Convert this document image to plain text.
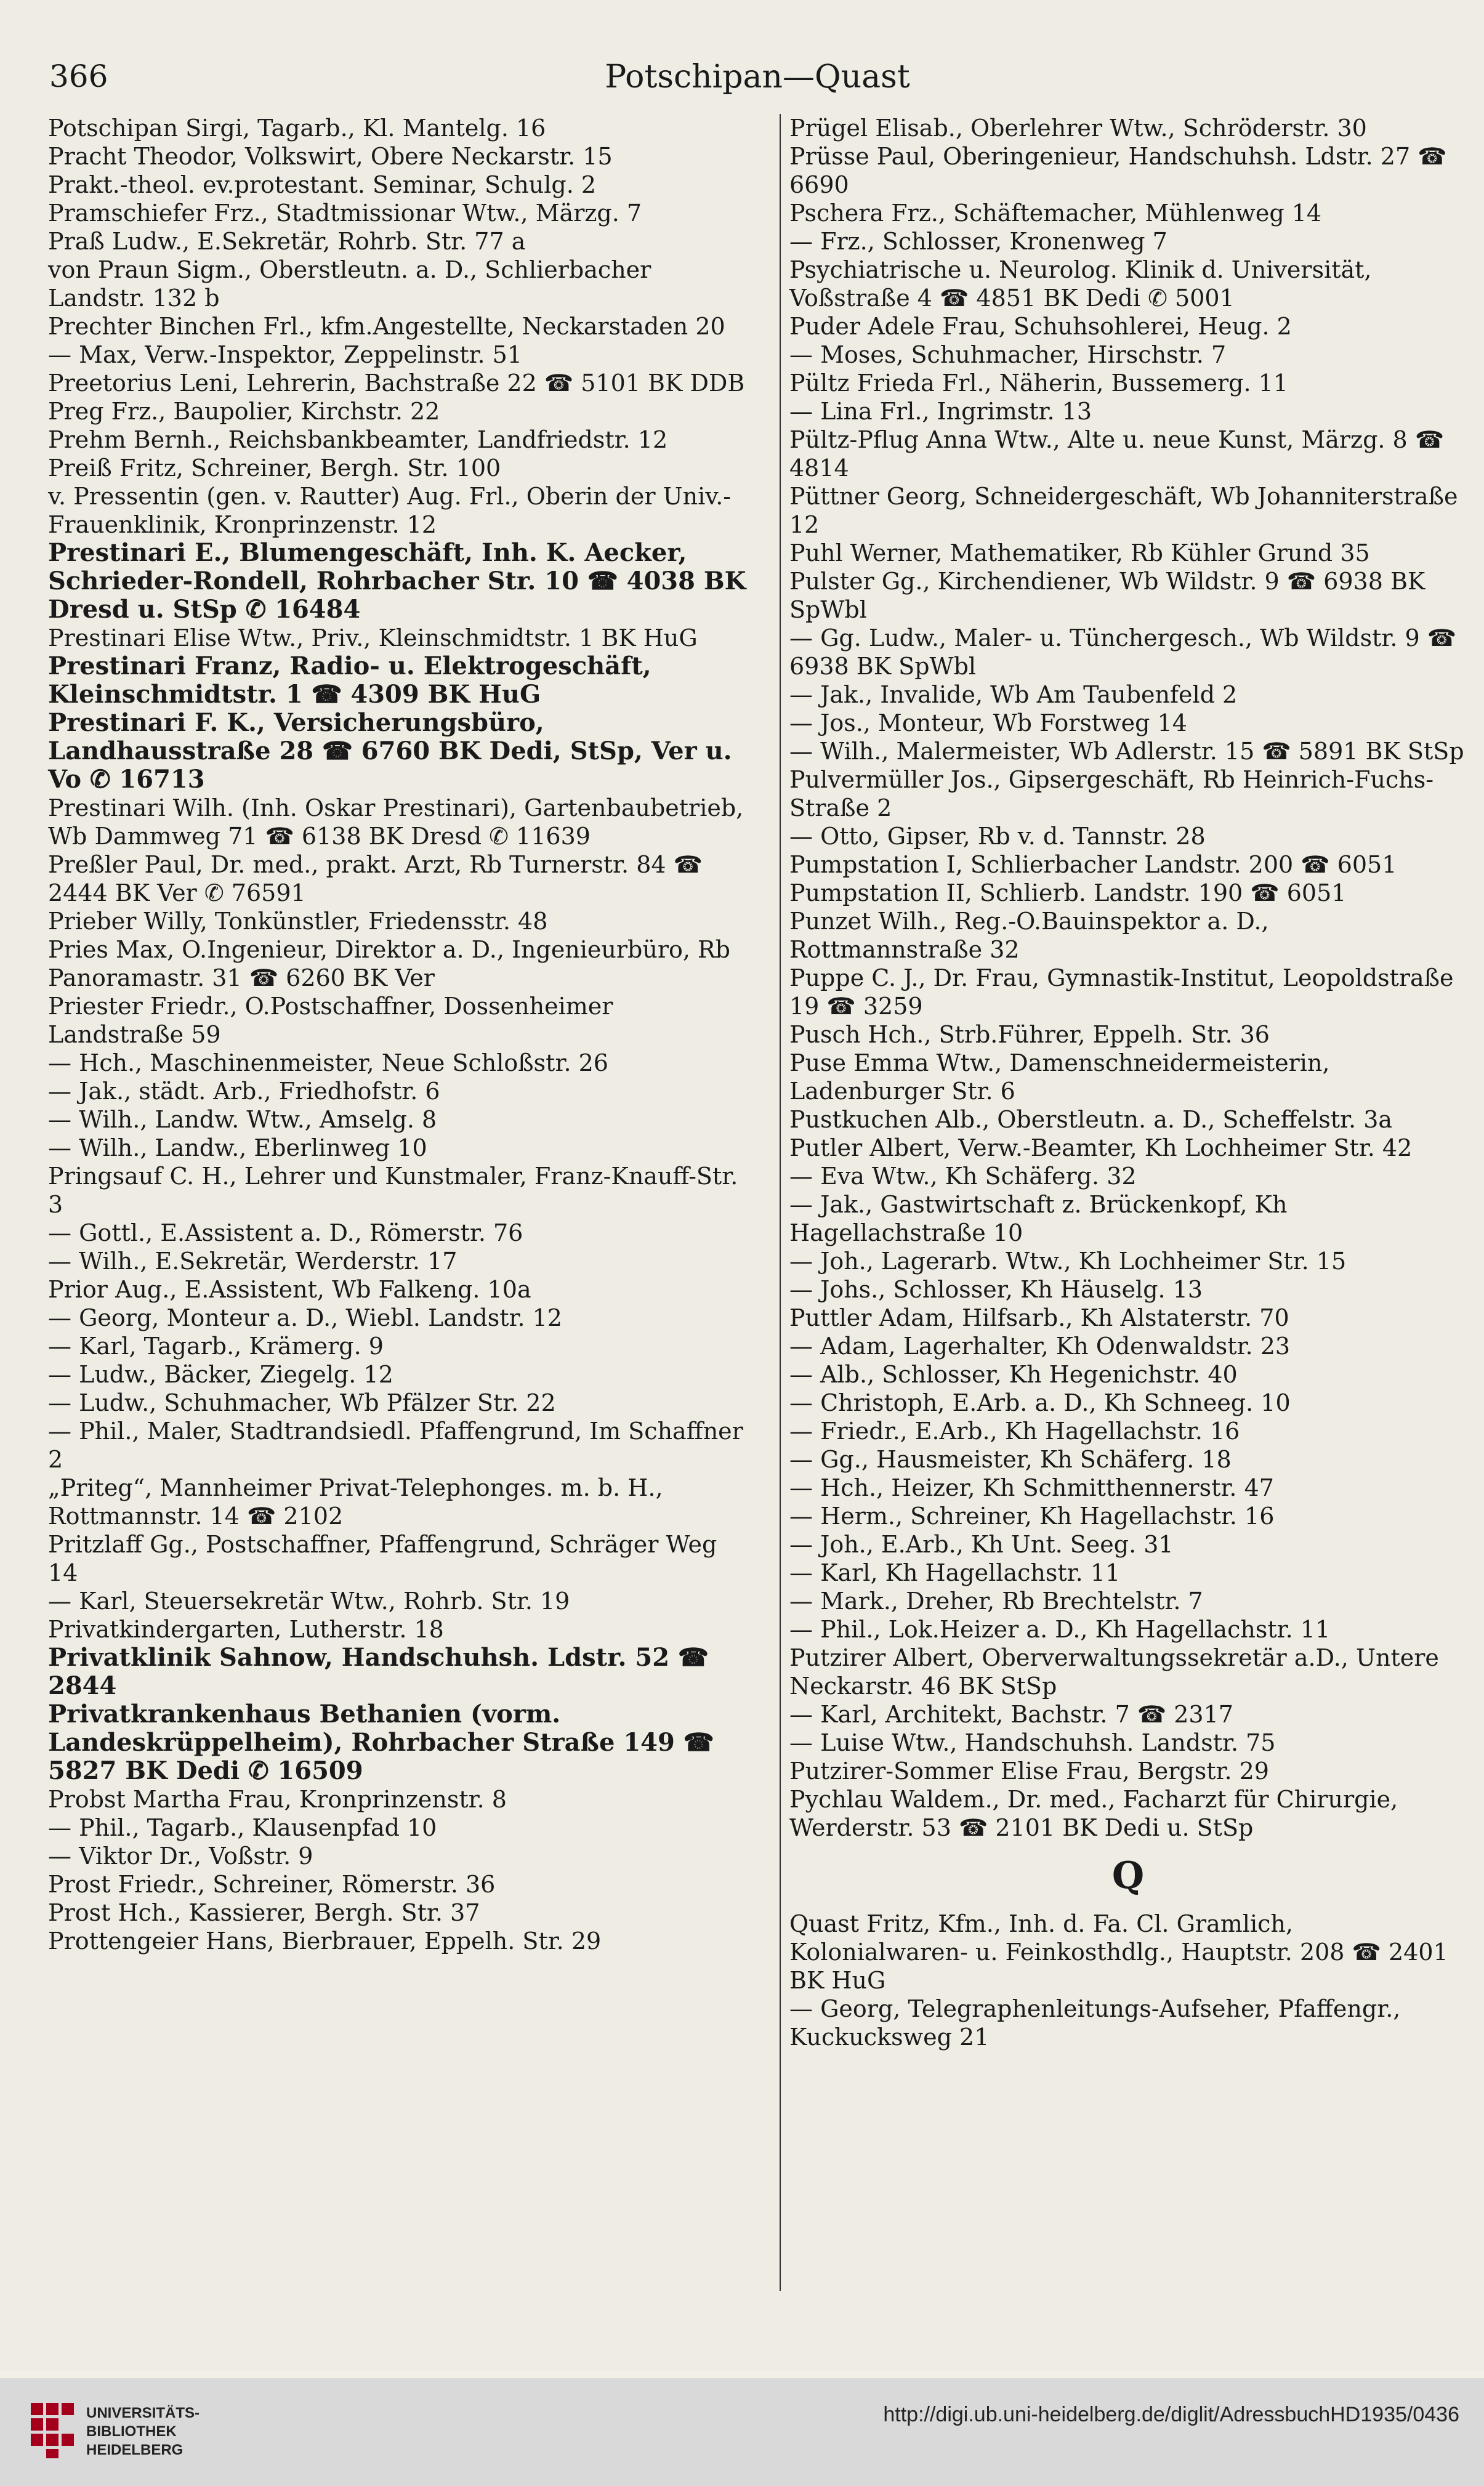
366	Potschipan—Quast

Potschipan Sirgi, Tagarb., Kl. Mantelg. 16

Pracht Theodor, Volkswirt, Obere Neckarstr. 15

Prakt.-theol. ev.protestant. Seminar, Schulg. 2

Pramschiefer Frz., Stadtmissionar Wtw., Märzg. 7

Praß Ludw., E.Sekretär, Rohrb. Str. 77 a

von Praun Sigm., Oberstleutn. a. D., Schlierbacher Landstr. 132 b

Prechter Binchen Frl., kfm.Angestellte, Neckarstaden 20

— Max, Verw.-Inspektor, Zeppelinstr. 51

Preetorius Leni, Lehrerin, Bachstraße 22 ☎ 5101 BK DDB

Preg Frz., Baupolier, Kirchstr. 22

Prehm Bernh., Reichsbankbeamter, Landfriedstr. 12

Preiß Fritz, Schreiner, Bergh. Str. 100

v. Pressentin (gen. v. Rautter) Aug. Frl., Oberin der Univ.-Frauenklinik, Kronprinzenstr. 12

Prestinari E., Blumengeschäft, Inh. K. Aecker, Schrieder-Rondell, Rohrbacher Str. 10 ☎ 4038 BK Dresd u. StSp ✆ 16484

Prestinari Elise Wtw., Priv., Kleinschmidtstr. 1 BK HuG

Prestinari Franz, Radio- u. Elektrogeschäft, Kleinschmidtstr. 1 ☎ 4309 BK HuG

Prestinari F. K., Versicherungsbüro, Landhausstraße 28 ☎ 6760 BK Dedi, StSp, Ver u. Vo ✆ 16713

Prestinari Wilh. (Inh. Oskar Prestinari), Gartenbaubetrieb, Wb Dammweg 71 ☎ 6138 BK Dresd ✆ 11639

Preßler Paul, Dr. med., prakt. Arzt, Rb Turnerstr. 84 ☎ 2444 BK Ver ✆ 76591

Prieber Willy, Tonkünstler, Friedensstr. 48

Pries Max, O.Ingenieur, Direktor a. D., Ingenieurbüro, Rb Panoramastr. 31 ☎ 6260 BK Ver

Priester Friedr., O.Postschaffner, Dossenheimer Landstraße 59

— Hch., Maschinenmeister, Neue Schloßstr. 26

— Jak., städt. Arb., Friedhofstr. 6

— Wilh., Landw. Wtw., Amselg. 8

— Wilh., Landw., Eberlinweg 10

Pringsauf C. H., Lehrer und Kunstmaler, Franz-Knauff-Str. 3

— Gottl., E.Assistent a. D., Römerstr. 76

— Wilh., E.Sekretär, Werderstr. 17

Prior Aug., E.Assistent, Wb Falkeng. 10a

— Georg, Monteur a. D., Wiebl. Landstr. 12

— Karl, Tagarb., Krämerg. 9

— Ludw., Bäcker, Ziegelg. 12

— Ludw., Schuhmacher, Wb Pfälzer Str. 22

— Phil., Maler, Stadtrandsiedl. Pfaffengrund, Im Schaffner 2

„Priteg“, Mannheimer Privat-Telephonges. m. b. H., Rottmannstr. 14 ☎ 2102

Pritzlaff Gg., Postschaffner, Pfaffengrund, Schräger Weg 14

— Karl, Steuersekretär Wtw., Rohrb. Str. 19

Privatkindergarten, Lutherstr. 18

Privatklinik Sahnow, Handschuhsh. Ldstr. 52 ☎ 2844

Privatkrankenhaus Bethanien (vorm. Landeskrüppelheim), Rohrbacher Straße 149 ☎ 5827 BK Dedi ✆ 16509

Probst Martha Frau, Kronprinzenstr. 8

— Phil., Tagarb., Klausenpfad 10

— Viktor Dr., Voßstr. 9

Prost Friedr., Schreiner, Römerstr. 36

Prost Hch., Kassierer, Bergh. Str. 37

Prottengeier Hans, Bierbrauer, Eppelh. Str. 29

Prügel Elisab., Oberlehrer Wtw., Schröderstr. 30

Prüsse Paul, Oberingenieur, Handschuhsh. Ldstr. 27 ☎ 6690

Pschera Frz., Schäftemacher, Mühlenweg 14

— Frz., Schlosser, Kronenweg 7

Psychiatrische u. Neurolog. Klinik d. Universität, Voßstraße 4 ☎ 4851 BK Dedi ✆ 5001

Puder Adele Frau, Schuhsohlerei, Heug. 2

— Moses, Schuhmacher, Hirschstr. 7

Pültz Frieda Frl., Näherin, Bussemerg. 11

— Lina Frl., Ingrimstr. 13

Pültz-Pflug Anna Wtw., Alte u. neue Kunst, Märzg. 8 ☎ 4814

Püttner Georg, Schneidergeschäft, Wb Johanniterstraße 12

Puhl Werner, Mathematiker, Rb Kühler Grund 35

Pulster Gg., Kirchendiener, Wb Wildstr. 9 ☎ 6938 BK SpWbl

— Gg. Ludw., Maler- u. Tünchergesch., Wb Wildstr. 9 ☎ 6938 BK SpWbl

— Jak., Invalide, Wb Am Taubenfeld 2

— Jos., Monteur, Wb Forstweg 14

— Wilh., Malermeister, Wb Adlerstr. 15 ☎ 5891 BK StSp

Pulvermüller Jos., Gipsergeschäft, Rb Heinrich-Fuchs-Straße 2

— Otto, Gipser, Rb v. d. Tannstr. 28

Pumpstation I, Schlierbacher Landstr. 200 ☎ 6051

Pumpstation II, Schlierb. Landstr. 190 ☎ 6051

Punzet Wilh., Reg.-O.Bauinspektor a. D., Rottmannstraße 32

Puppe C. J., Dr. Frau, Gymnastik-Institut, Leopoldstraße 19 ☎ 3259

Pusch Hch., Strb.Führer, Eppelh. Str. 36

Puse Emma Wtw., Damenschneidermeisterin, Ladenburger Str. 6

Pustkuchen Alb., Oberstleutn. a. D., Scheffelstr. 3a

Putler Albert, Verw.-Beamter, Kh Lochheimer Str. 42

— Eva Wtw., Kh Schäferg. 32

— Jak., Gastwirtschaft z. Brückenkopf, Kh Hagellachstraße 10

— Joh., Lagerarb. Wtw., Kh Lochheimer Str. 15

— Johs., Schlosser, Kh Häuselg. 13

Puttler Adam, Hilfsarb., Kh Alstaterstr. 70

— Adam, Lagerhalter, Kh Odenwaldstr. 23

— Alb., Schlosser, Kh Hegenichstr. 40

— Christoph, E.Arb. a. D., Kh Schneeg. 10

— Friedr., E.Arb., Kh Hagellachstr. 16

— Gg., Hausmeister, Kh Schäferg. 18

— Hch., Heizer, Kh Schmitthennerstr. 47

— Herm., Schreiner, Kh Hagellachstr. 16

— Joh., E.Arb., Kh Unt. Seeg. 31

— Karl, Kh Hagellachstr. 11

— Mark., Dreher, Rb Brechtelstr. 7

— Phil., Lok.Heizer a. D., Kh Hagellachstr. 11

Putzirer Albert, Oberverwaltungssekretär a.D., Untere Neckarstr. 46 BK StSp

— Karl, Architekt, Bachstr. 7 ☎ 2317

— Luise Wtw., Handschuhsh. Landstr. 75

Putzirer-Sommer Elise Frau, Bergstr. 29

Pychlau Waldem., Dr. med., Facharzt für Chirurgie, Werderstr. 53 ☎ 2101 BK Dedi u. StSp

Q

Quast Fritz, Kfm., Inh. d. Fa. Cl. Gramlich, Kolonialwaren- u. Feinkosthdlg., Hauptstr. 208 ☎ 2401 BK HuG

— Georg, Telegraphenleitungs-Aufseher, Pfaffengr., Kuckucksweg 21

UNIVERSITÄTS-
BIBLIOTHEK
HEIDELBERG
http://digi.ub.uni-heidelberg.de/diglit/AdressbuchHD1935/0436
